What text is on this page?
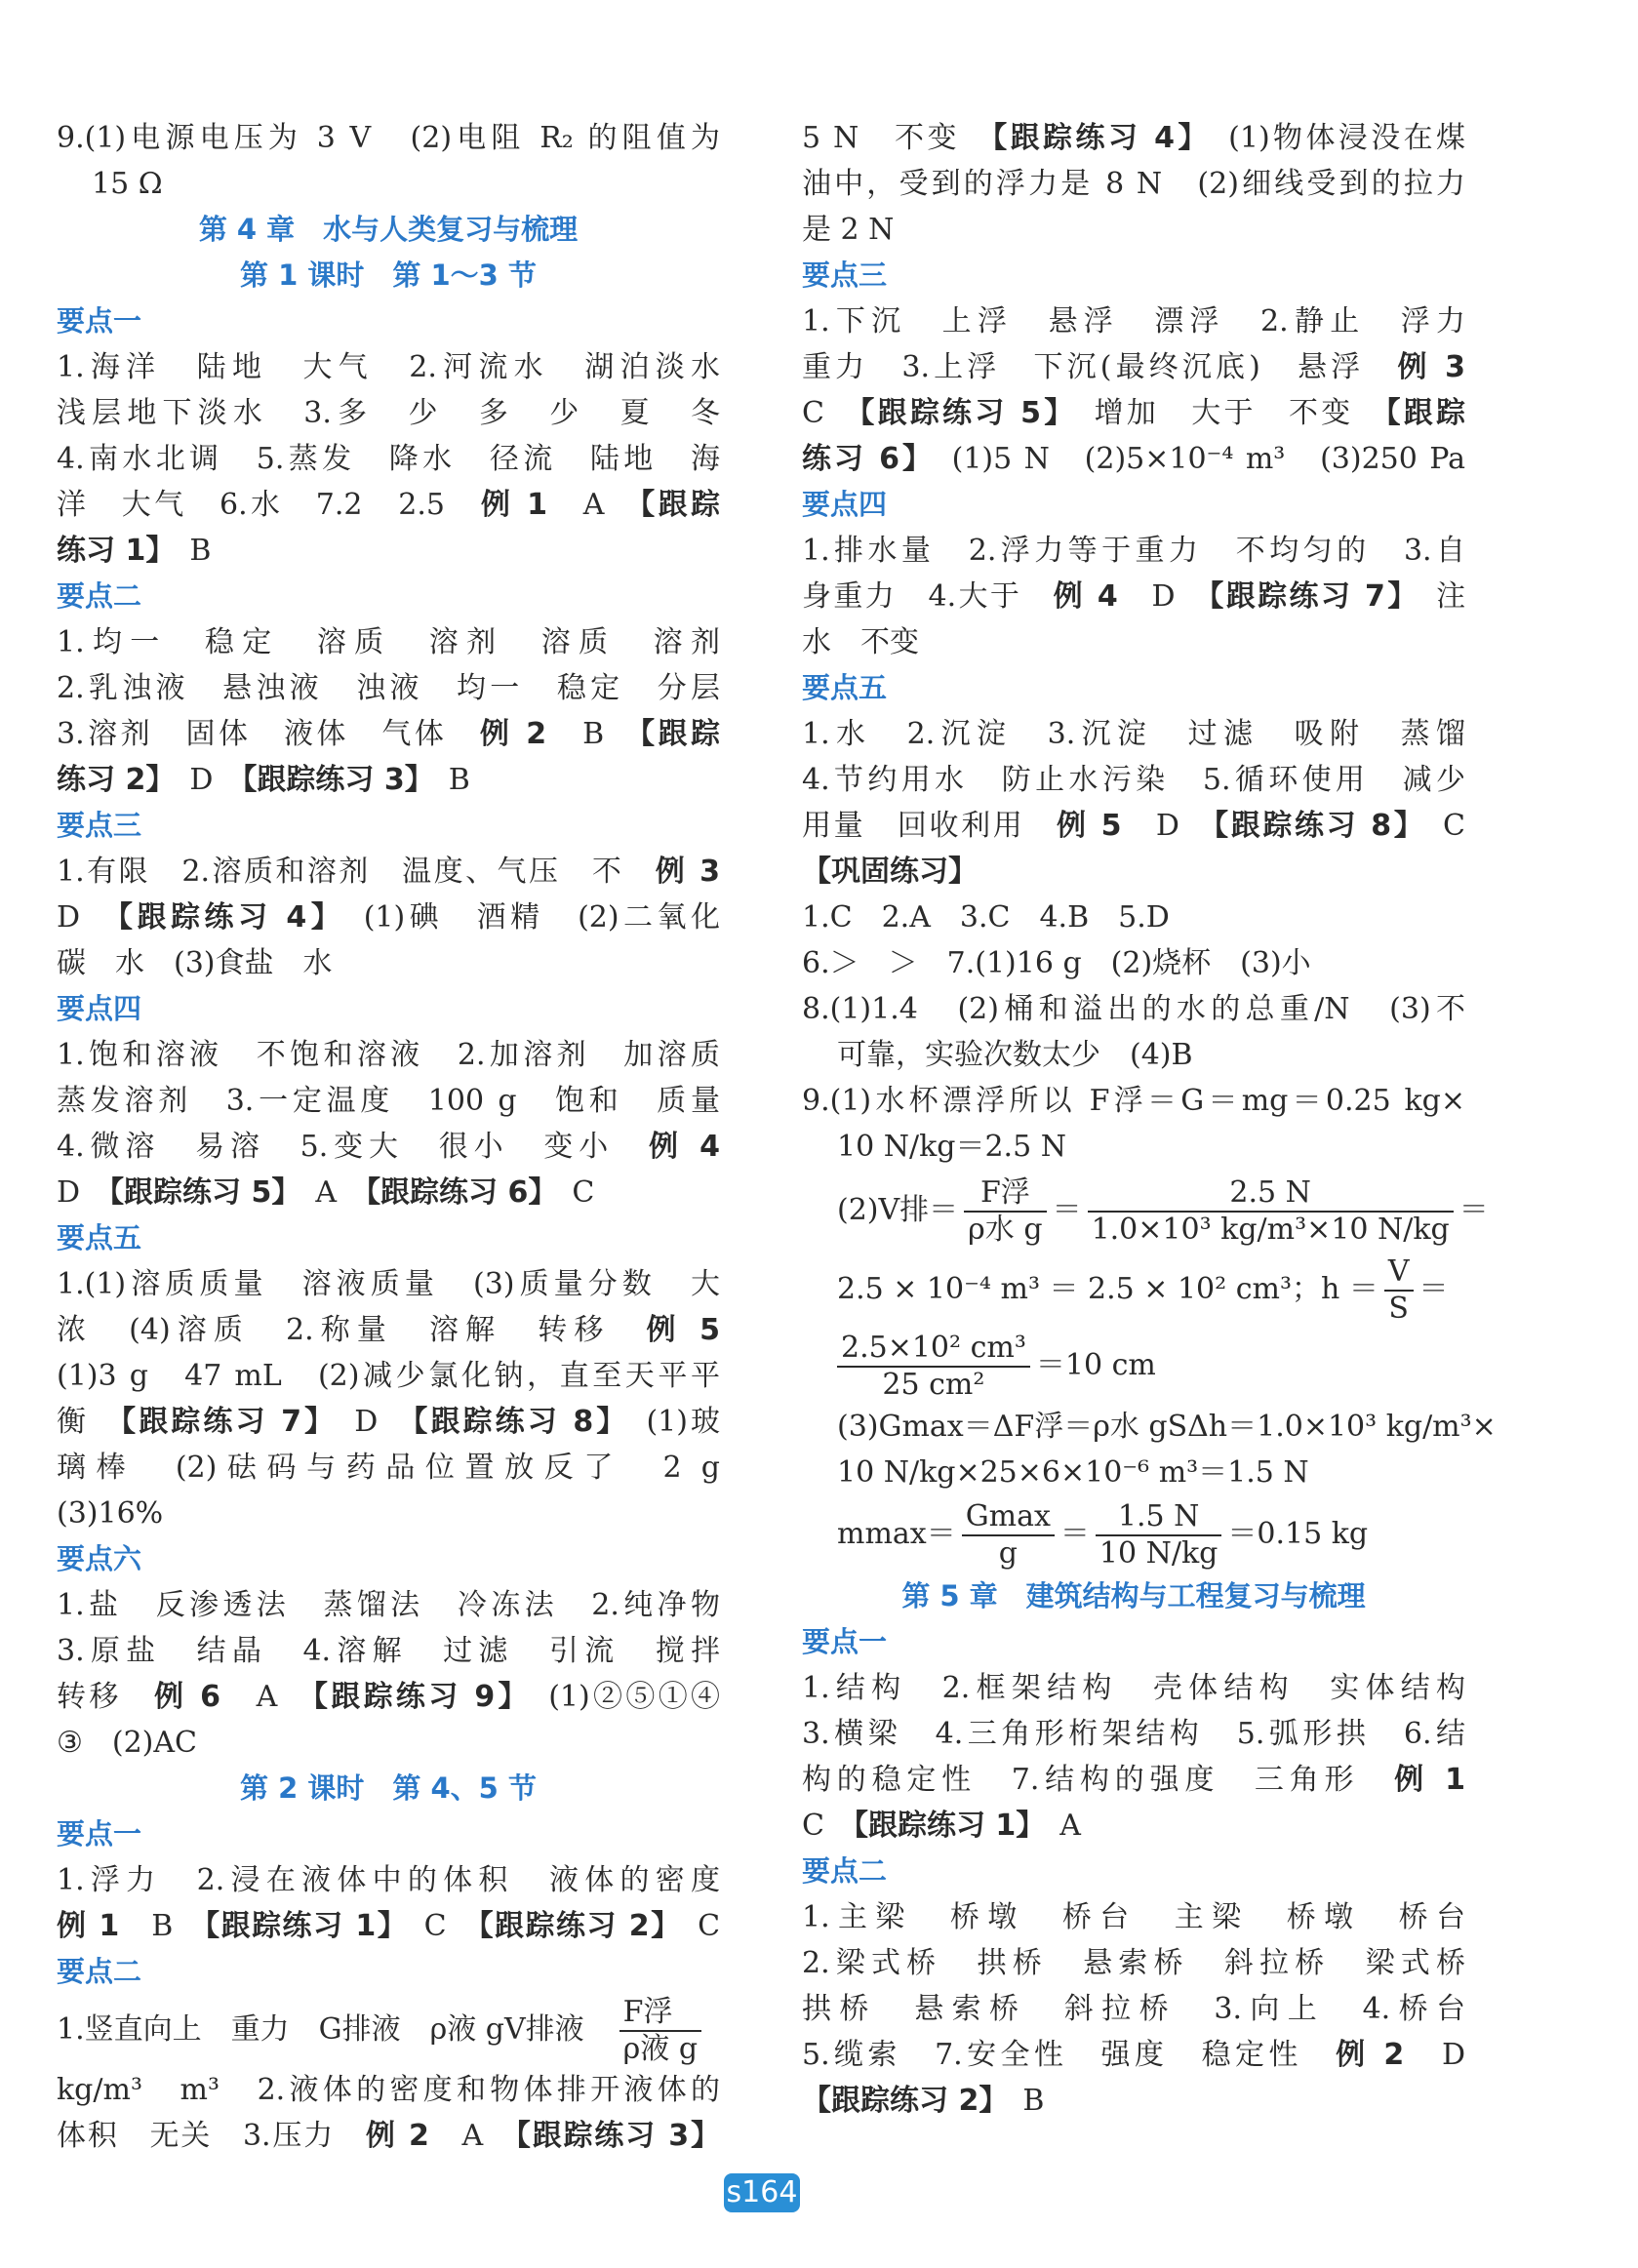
9.(1)电源电压为 3 V　(2)电阻 R₂ 的阻值为
15 Ω
第 4 章　水与人类复习与梳理
第 1 课时　第 1～3 节
要点一
1.海洋　陆地　大气　2.河流水　湖泊淡水
浅层地下淡水　3.多　少　多　少　夏　冬
4.南水北调　5.蒸发　降水　径流　陆地　海
洋　大气　6.水　7.2　2.5　 例 1　 A　 【跟踪
练习 1】　 B
要点二
1.均一　稳定　溶质　溶剂　溶质　溶剂
2.乳浊液　悬浊液　浊液　均一　稳定　分层
3.溶剂　固体　液体　气体　 例 2　 B　 【跟踪
练习 2】　 D　 【跟踪练习 3】　 B
要点三
1.有限　2.溶质和溶剂　温度、气压　不　 例 3
D　 【跟踪练习 4】　 (1)碘　酒精　(2)二氧化
碳　水　(3)食盐　水
要点四
1.饱和溶液　不饱和溶液　2.加溶剂　加溶质
蒸发溶剂　3.一定温度　100 g　饱和　质量
4.微溶　易溶　5.变大　很小　变小　 例 4
D　 【跟踪练习 5】　 A　 【跟踪练习 6】　 C
要点五
1.(1)溶质质量　溶液质量　(3)质量分数　大
浓　(4)溶质　2.称量　溶解　转移　 例 5
(1)3 g　47 mL　(2)减少氯化钠，直至天平平
衡　 【跟踪练习 7】　 D　 【跟踪练习 8】　 (1)玻
璃棒　(2)砝码与药品位置放反了　2 g
(3)16%
要点六
1.盐　反渗透法　蒸馏法　冷冻法　2.纯净物
3.原盐　结晶　4.溶解　过滤　引流　搅拌
转移　 例 6　 A　 【跟踪练习 9】　 (1)②⑤①④
③　(2)AC
第 2 课时　第 4、5 节
要点一
1.浮力　2.浸在液体中的体积　液体的密度
例 1　 B　 【跟踪练习 1】　 C　 【跟踪练习 2】　 C
要点二
1.竖直向上　重力　G排液　ρ液 gV排液　 $\frac{\text{F浮}}{\text{ρ液 g}}$
kg/m³　m³　2.液体的密度和物体排开液体的
体积　无关　3.压力　 例 2　 A　 【跟踪练习 3】
5 N　不变　 【跟踪练习 4】　 (1)物体浸没在煤
油中，受到的浮力是 8 N　(2)细线受到的拉力
是 2 N
要点三
1.下沉　上浮　悬浮　漂浮　2.静止　浮力
重力　3.上浮　下沉(最终沉底)　悬浮　 例 3
C　 【跟踪练习 5】　 增加　大于　不变　 【跟踪
练习 6】　 (1)5 N　(2)5×10⁻⁴ m³　(3)250 Pa
要点四
1.排水量　2.浮力等于重力　不均匀的　3.自
身重力　4.大于　 例 4　 D　 【跟踪练习 7】　 注
水　不变
要点五
1.水　2.沉淀　3.沉淀　过滤　吸附　蒸馏
4.节约用水　防止水污染　5.循环使用　减少
用量　回收利用　 例 5　 D　 【跟踪练习 8】　 C
【巩固练习】
1.C　2.A　3.C　4.B　5.D
6.＞　＞　7.(1)16 g　(2)烧杯　(3)小
8.(1)1.4　(2)桶和溢出的水的总重/N　(3)不
可靠，实验次数太少　(4)B
9.(1)水杯漂浮所以 F浮＝G＝mg＝0.25 kg×
10 N/kg＝2.5 N
(2)V排＝ $\frac{\text{F浮}}{\text{ρ水 g}} = \frac{2.5 N}{\text{1.0×10³ kg/m³×10 N/kg}}$ ＝
2.5 × 10⁻⁴ m³ ＝ 2.5 × 10² cm³；$h = \frac{V}{S}$ ＝
$\frac{\text{2.5×10² cm³}}{\text{25 cm²}} =10$ cm
(3)Gmax＝ΔF浮＝ρ水 gSΔh＝1.0×10³ kg/m³×
10 N/kg×25×6×10⁻⁶ m³＝1.5 N
$mmax= \frac{Gmax}{g} = \frac{1.5 N}{10 N/kg} =0.15$ kg
第 5 章　建筑结构与工程复习与梳理
要点一
1.结构　2.框架结构　壳体结构　实体结构
3.横梁　4.三角形桁架结构　5.弧形拱　6.结
构的稳定性　7.结构的强度　三角形　 例 1
C　 【跟踪练习 1】　 A
要点二
1.主梁　桥墩　桥台　主梁　桥墩　桥台
2.梁式桥　拱桥　悬索桥　斜拉桥　梁式桥
拱桥　悬索桥　斜拉桥　3.向上　4.桥台
5.缆索　7.安全性　强度　稳定性　 例 2　 D
【跟踪练习 2】　 B
s164
